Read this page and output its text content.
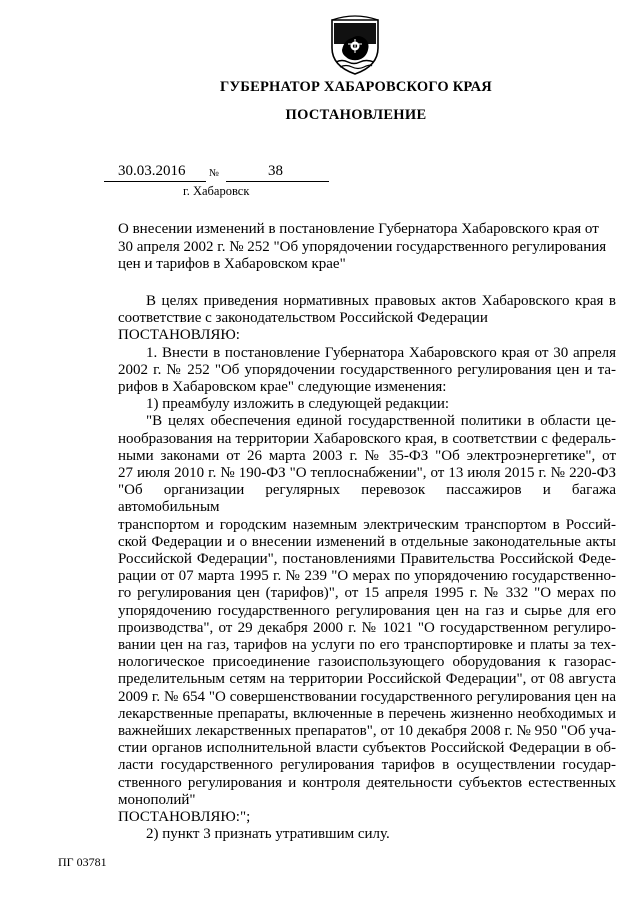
ГУБЕРНАТОР ХАБАРОВСКОГО КРАЯ
ПОСТАНОВЛЕНИЕ
30.03.2016 №	38
г. Хабаровск
О внесении изменений в постановление Губернатора Хабаровского края от
30 апреля 2002 г. № 252 "Об упорядочении государственного регулирования
цен и тарифов в Хабаровском крае"
В целях приведения нормативных правовых актов Хабаровского края в
соответствие с законодательством Российской Федерации
ПОСТАНОВЛЯЮ:
1. Внести в постановление Губернатора Хабаровского края от 30 апреля
2002 г. № 252 "Об упорядочении государственного регулирования цен и та-
рифов в Хабаровском крае" следующие изменения:
1) преамбулу изложить в следующей редакции:
"В целях обеспечения единой государственной политики в области це-
нообразования на территории Хабаровского края, в соответствии с федераль-
ными законами от 26 марта 2003 г. № 35-ФЗ "Об электроэнергетике", от
27 июля 2010 г. № 190-ФЗ "О теплоснабжении", от 13 июля 2015 г. № 220-ФЗ
"Об организации регулярных перевозок пассажиров и багажа автомобильным
транспортом и городским наземным электрическим транспортом в Россий-
ской Федерации и о внесении изменений в отдельные законодательные акты
Российской Федерации", постановлениями Правительства Российской Феде-
рации от 07 марта 1995 г. № 239 "О мерах по упорядочению государственно-
го регулирования цен (тарифов)", от 15 апреля 1995 г. № 332 "О мерах по
упорядочению государственного регулирования цен на газ и сырье для его
производства", от 29 декабря 2000 г. № 1021 "О государственном регулиро-
вании цен на газ, тарифов на услуги по его транспортировке и платы за тех-
нологическое присоединение газоиспользующего оборудования к газорас-
пределительным сетям на территории Российской Федерации", от 08 августа
2009 г. № 654 "О совершенствовании государственного регулирования цен на
лекарственные препараты, включенные в перечень жизненно необходимых и
важнейших лекарственных препаратов", от 10 декабря 2008 г. № 950 "Об уча-
стии органов исполнительной власти субъектов Российской Федерации в об-
ласти государственного регулирования тарифов в осуществлении государ-
ственного регулирования и контроля деятельности субъектов естественных
монополий"
ПОСТАНОВЛЯЮ:";
2) пункт 3 признать утратившим силу.
ПГ 03781
